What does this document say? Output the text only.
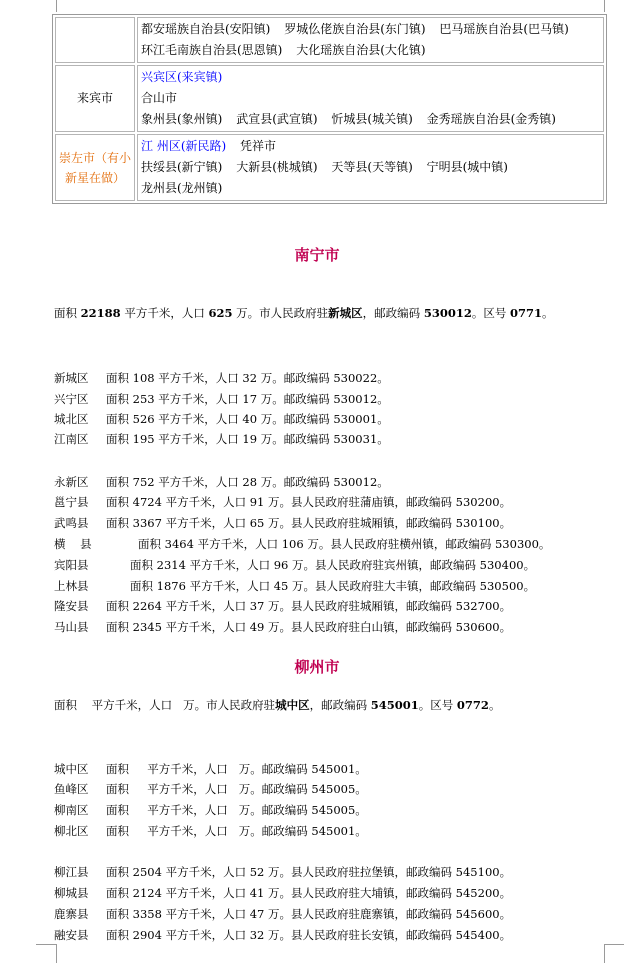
	都安瑶族自治县(安阳镇) 罗城仫佬族自治县(东门镇) 巴马瑶族自治县(巴马镇)
环江毛南族自治县(思恩镇) 大化瑶族自治县(大化镇)

来宾市	兴宾区(来宾镇)
合山市
象州县(象州镇) 武宣县(武宣镇) 忻城县(城关镇) 金秀瑶族自治县(金秀镇)

崇左市（有小新星在做）	江 州区(新民路) 凭祥市
扶绥县(新宁镇) 大新县(桃城镇) 天等县(天等镇) 宁明县(城中镇)
龙州县(龙州镇)
南宁市
面积 22188 平方千米，人口 625 万。市人民政府驻新城区，邮政编码 530012。区号 0771。
新城区 面积 108 平方千米，人口 32 万。邮政编码 530022。
兴宁区 面积 253 平方千米，人口 17 万。邮政编码 530012。
城北区 面积 526 平方千米，人口 40 万。邮政编码 530001。
江南区 面积 195 平方千米，人口 19 万。邮政编码 530031。
永新区 面积 752 平方千米，人口 28 万。邮政编码 530012。
邕宁县 面积 4724 平方千米，人口 91 万。县人民政府驻蒲庙镇，邮政编码 530200。
武鸣县 面积 3367 平方千米，人口 65 万。县人民政府驻城厢镇，邮政编码 530100。
横    县	面积 3464 平方千米，人口 106 万。县人民政府驻横州镇，邮政编码 530300。
宾阳县	面积 2314 平方千米，人口 96 万。县人民政府驻宾州镇，邮政编码 530400。
上林县	面积 1876 平方千米，人口 45 万。县人民政府驻大丰镇，邮政编码 530500。
隆安县 面积 2264 平方千米，人口 37 万。县人民政府驻城厢镇，邮政编码 532700。
马山县 面积 2345 平方千米，人口 49 万。县人民政府驻白山镇，邮政编码 530600。
柳州市
面积    平方千米，人口   万。市人民政府驻城中区，邮政编码 545001。区号 0772。
城中区 面积     平方千米，人口   万。邮政编码 545001。
鱼峰区 面积     平方千米，人口   万。邮政编码 545005。
柳南区 面积     平方千米，人口   万。邮政编码 545005。
柳北区 面积     平方千米，人口   万。邮政编码 545001。
柳江县 面积 2504 平方千米，人口 52 万。县人民政府驻拉堡镇，邮政编码 545100。
柳城县 面积 2124 平方千米，人口 41 万。县人民政府驻大埔镇，邮政编码 545200。
鹿寨县 面积 3358 平方千米，人口 47 万。县人民政府驻鹿寨镇，邮政编码 545600。
融安县 面积 2904 平方千米，人口 32 万。县人民政府驻长安镇，邮政编码 545400。
